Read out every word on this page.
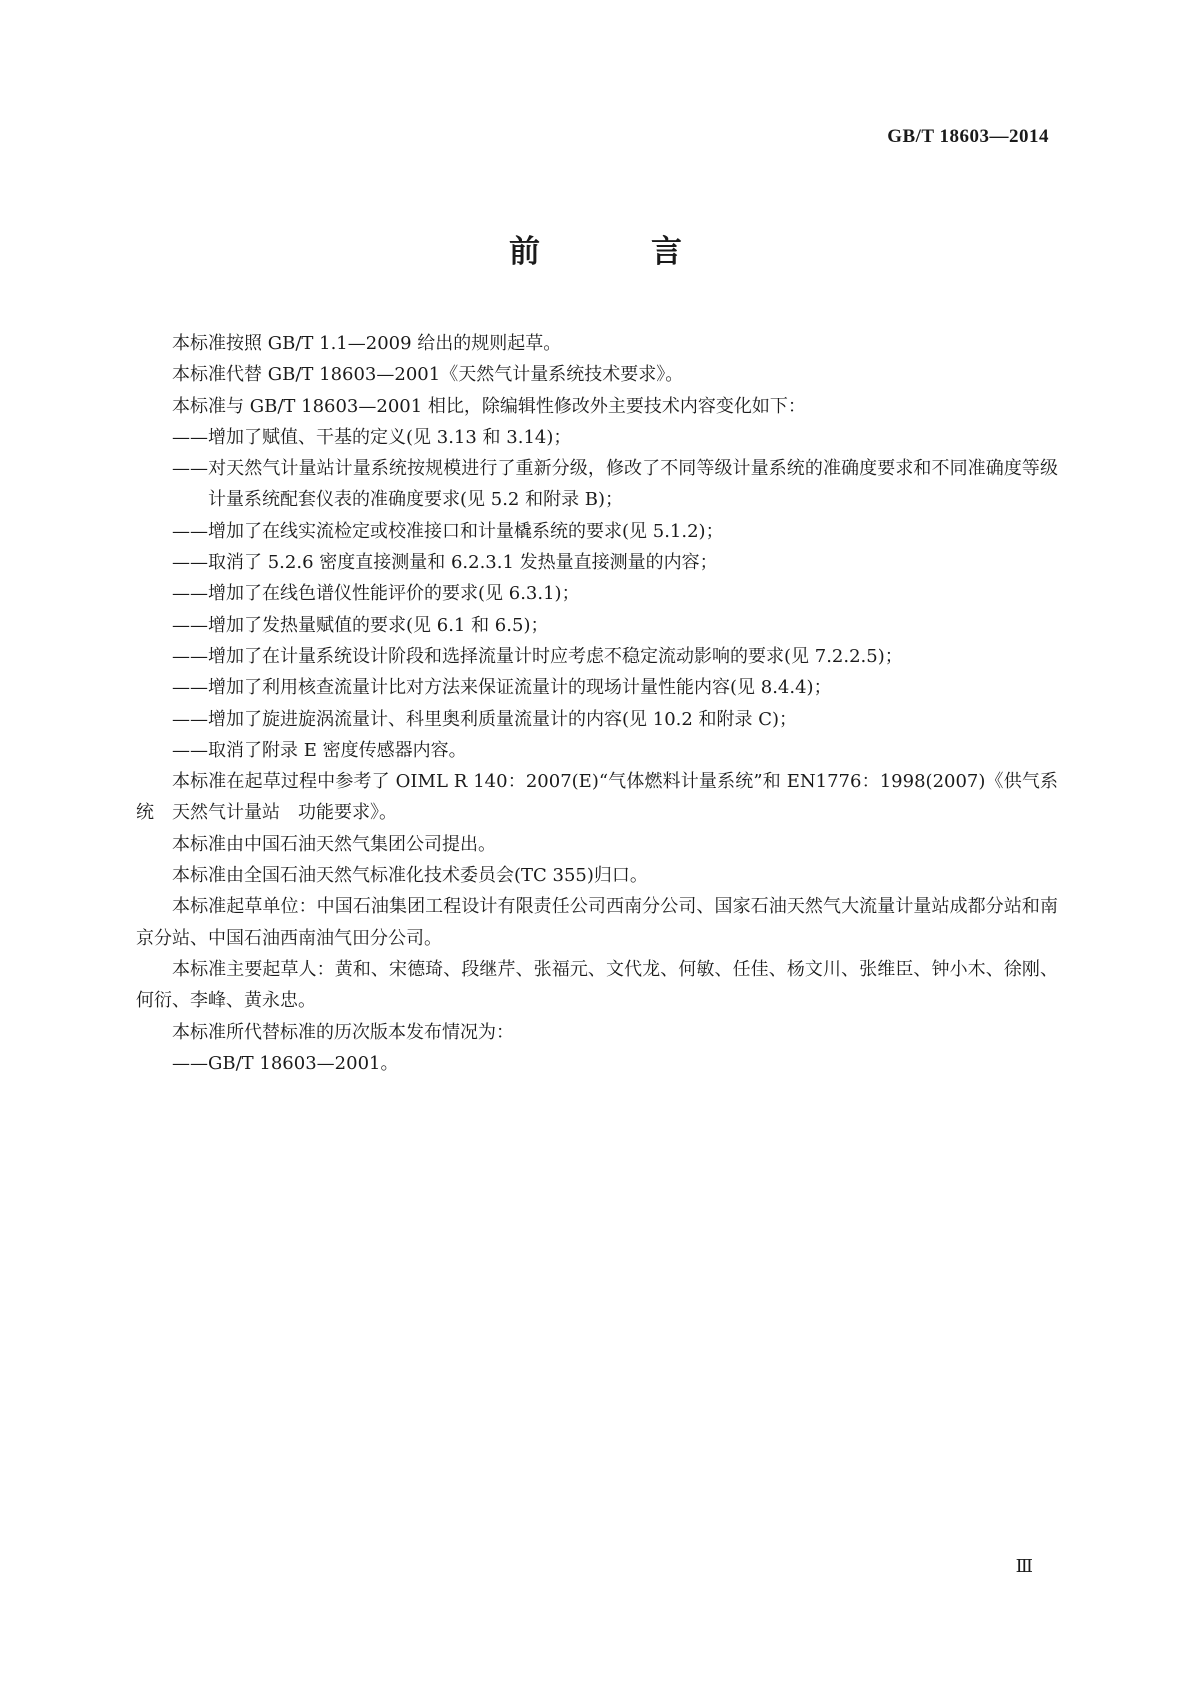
GB/T 18603—2014
前　言

本标准按照 GB/T 1.1—2009 给出的规则起草。

本标准代替 GB/T 18603—2001《天然气计量系统技术要求》。

本标准与 GB/T 18603—2001 相比，除编辑性修改外主要技术内容变化如下：

——增加了赋值、干基的定义(见 3.13 和 3.14)；

——对天然气计量站计量系统按规模进行了重新分级，修改了不同等级计量系统的准确度要求和不同准确度等级计量系统配套仪表的准确度要求(见 5.2 和附录 B)；

——增加了在线实流检定或校准接口和计量橇系统的要求(见 5.1.2)；

——取消了 5.2.6 密度直接测量和 6.2.3.1 发热量直接测量的内容；

——增加了在线色谱仪性能评价的要求(见 6.3.1)；

——增加了发热量赋值的要求(见 6.1 和 6.5)；

——增加了在计量系统设计阶段和选择流量计时应考虑不稳定流动影响的要求(见 7.2.2.5)；

——增加了利用核查流量计比对方法来保证流量计的现场计量性能内容(见 8.4.4)；

——增加了旋进旋涡流量计、科里奥利质量流量计的内容(见 10.2 和附录 C)；

——取消了附录 E 密度传感器内容。

本标准在起草过程中参考了 OIML R 140：2007(E)“气体燃料计量系统”和 EN1776：1998(2007)《供气系统　天然气计量站　功能要求》。

本标准由中国石油天然气集团公司提出。

本标准由全国石油天然气标准化技术委员会(TC 355)归口。

本标准起草单位：中国石油集团工程设计有限责任公司西南分公司、国家石油天然气大流量计量站成都分站和南京分站、中国石油西南油气田分公司。

本标准主要起草人：黄和、宋德琦、段继芹、张福元、文代龙、何敏、任佳、杨文川、张维臣、钟小木、徐刚、何衍、李峰、黄永忠。

本标准所代替标准的历次版本发布情况为：

——GB/T 18603—2001。

Ⅲ
